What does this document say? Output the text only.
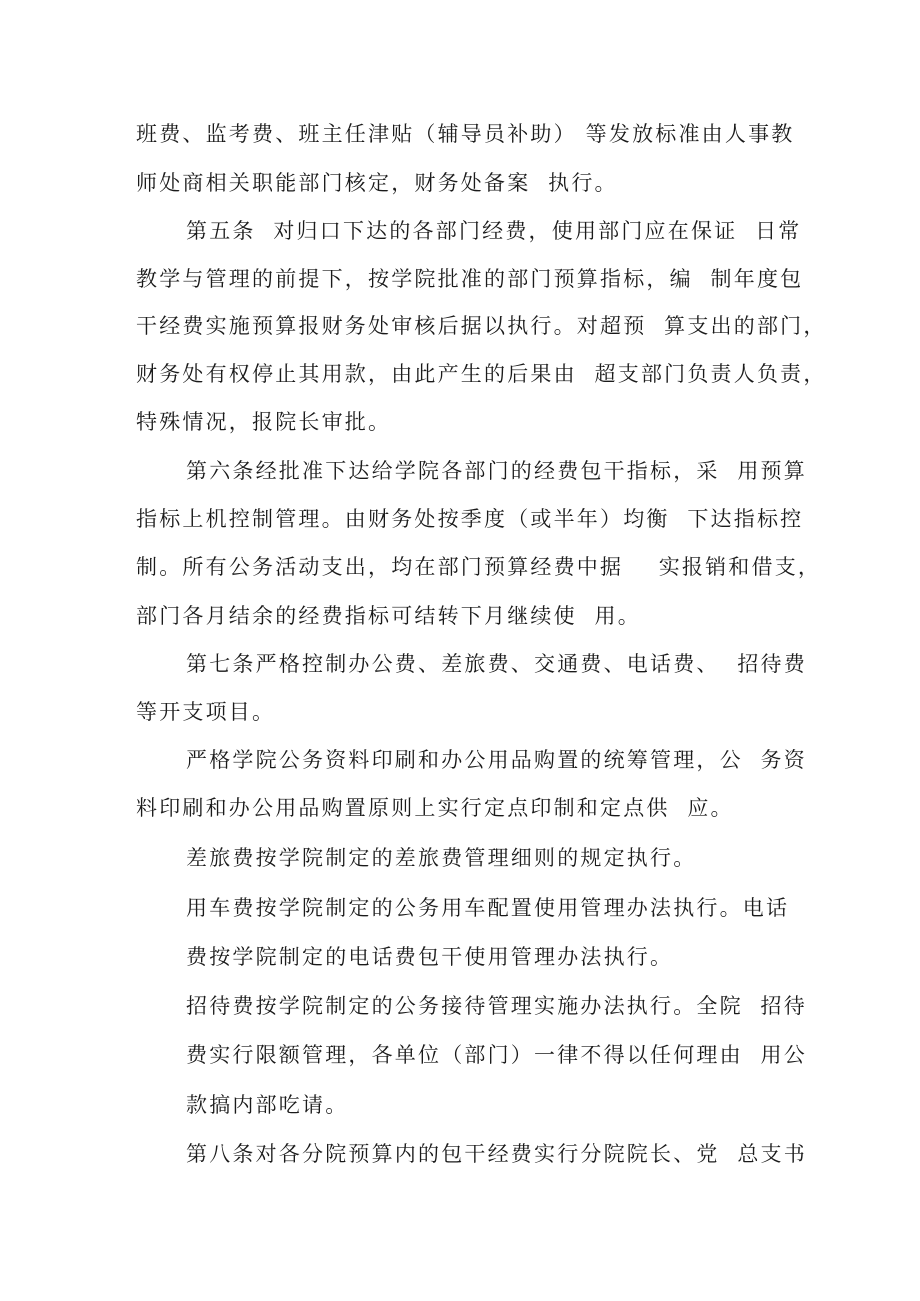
班费、监考费、班主任津贴（辅导员补助） 等发放标准由人事教
师处商相关职能部门核定，财务处备案  执行。
第五条  对归口下达的各部门经费，使用部门应在保证  日常
教学与管理的前提下，按学院批准的部门预算指标，编  制年度包
干经费实施预算报财务处审核后据以执行。对超预  算支出的部门，
财务处有权停止其用款，由此产生的后果由  超支部门负责人负责，
特殊情况，报院长审批。
第六条经批准下达给学院各部门的经费包干指标，采  用预算
指标上机控制管理。由财务处按季度（或半年）均衡  下达指标控
制。所有公务活动支出，均在部门预算经费中据    实报销和借支，
部门各月结余的经费指标可结转下月继续使  用。
第七条严格控制办公费、差旅费、交通费、电话费、  招待费
等开支项目。
严格学院公务资料印刷和办公用品购置的统筹管理，公  务资
料印刷和办公用品购置原则上实行定点印制和定点供  应。
差旅费按学院制定的差旅费管理细则的规定执行。
用车费按学院制定的公务用车配置使用管理办法执行。电话
费按学院制定的电话费包干使用管理办法执行。
招待费按学院制定的公务接待管理实施办法执行。全院  招待
费实行限额管理，各单位（部门）一律不得以任何理由  用公
款搞内部吃请。
第八条对各分院预算内的包干经费实行分院院长、党  总支书
